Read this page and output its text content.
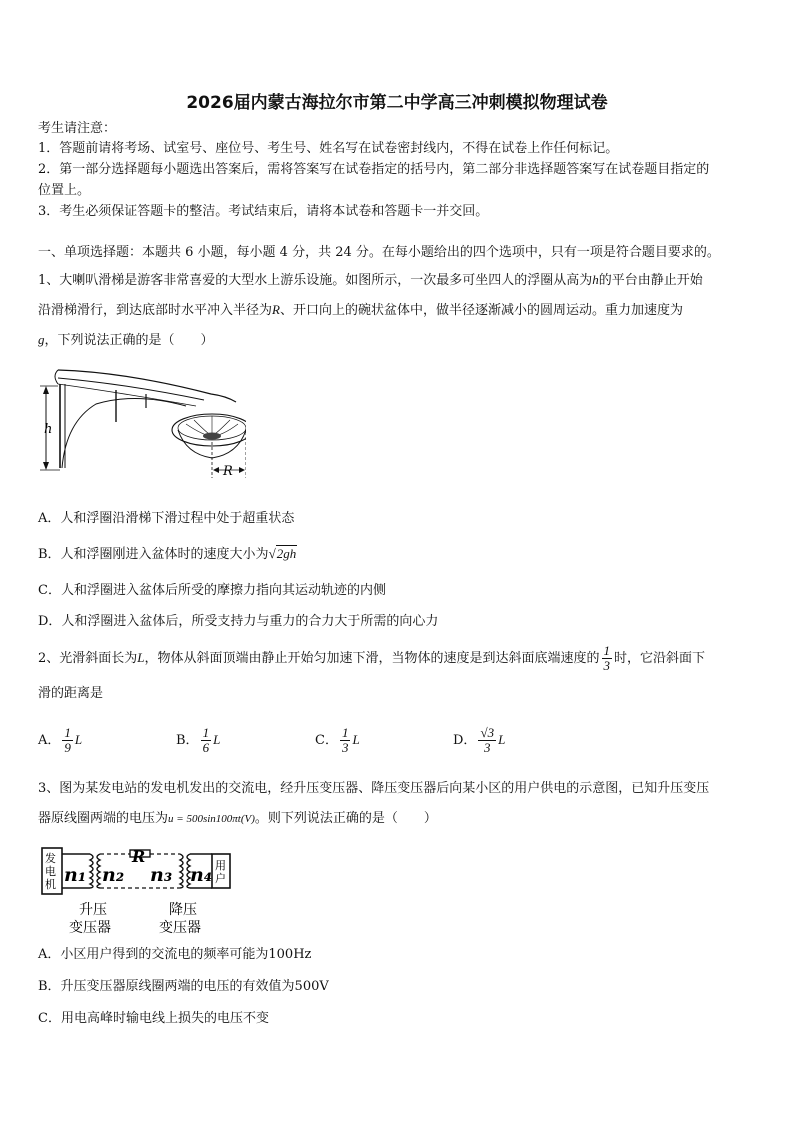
2026届内蒙古海拉尔市第二中学高三冲刺模拟物理试卷
考生请注意：
1．答题前请将考场、试室号、座位号、考生号、姓名写在试卷密封线内，不得在试卷上作任何标记。
2．第一部分选择题每小题选出答案后，需将答案写在试卷指定的括号内，第二部分非选择题答案写在试卷题目指定的
位置上。
3．考生必须保证答题卡的整洁。考试结束后，请将本试卷和答题卡一并交回。
一、单项选择题：本题共 6 小题，每小题 4 分，共 24 分。在每小题给出的四个选项中，只有一项是符合题目要求的。
1、大喇叭滑梯是游客非常喜爱的大型水上游乐设施。如图所示，一次最多可坐四人的浮圈从高为h的平台由静止开始
沿滑梯滑行，到达底部时水平冲入半径为R、开口向上的碗状盆体中，做半径逐渐减小的圆周运动。重力加速度为
g，下列说法正确的是（　　）
h
R
A．人和浮圈沿滑梯下滑过程中处于超重状态
B．人和浮圈刚进入盆体时的速度大小为√2gh
C．人和浮圈进入盆体后所受的摩擦力指向其运动轨迹的内侧
D．人和浮圈进入盆体后，所受支持力与重力的合力大于所需的向心力
2、光滑斜面长为L，物体从斜面顶端由静止开始匀加速下滑，当物体的速度是到达斜面底端速度的 $\frac{1}{3}$ 时，它沿斜面下
滑的距离是
A． $\frac{1}{9}$ L	B． $\frac{1}{6}$ L	C． $\frac{1}{3}$ L	D． $\frac{√3}{3}$ L
3、图为某发电站的发电机发出的交流电，经升压变压器、降压变压器后向某小区的用户供电的示意图，已知升压变压
器原线圈两端的电压为u = 500sin100πt(V)。则下列说法正确的是（　　）
发
电
机 n₁ n₂
R
n₃ n₄ 用
户
升压
变压器
降压
变压器
A．小区用户得到的交流电的频率可能为100Hz
B．升压变压器原线圈两端的电压的有效值为500V
C．用电高峰时输电线上损失的电压不变
